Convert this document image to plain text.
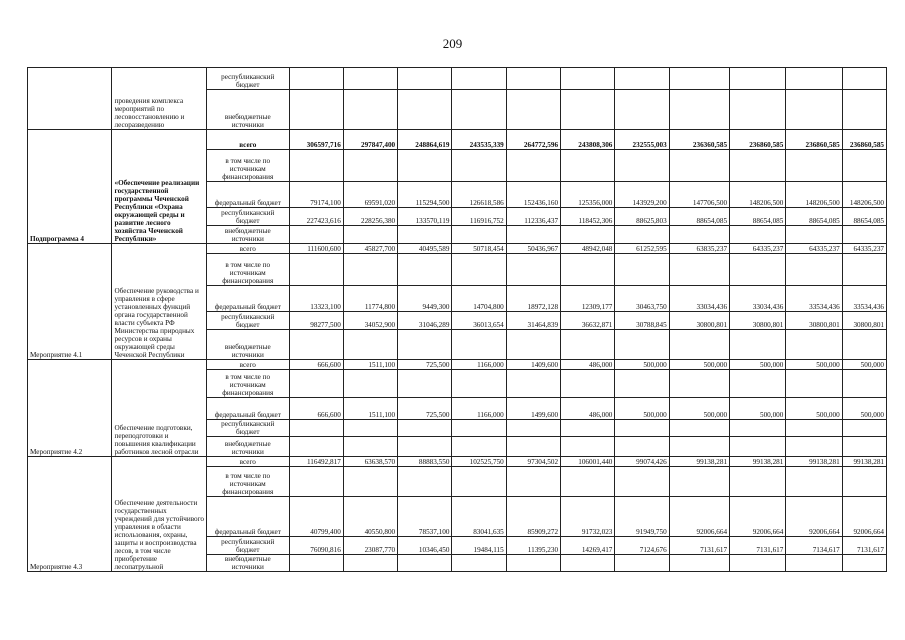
209
	проведения комплекса мероприятий по лесовосстановлению и лесоразведению	республиканский бюджет											
		внебюджетные источники											
Подпрограмма 4	«Обеспечение реализации государственной программы Чеченской Республики «Охрана окружающей среды и развитие лесного хозяйства Чеченской Республики»	всего	306597,716	297847,400	248864,619	243535,339	264772,596	243808,306	232555,003	236360,585	236860,585	236860,585	236860,585
		в том числе по источникам финансирования											
		федеральный бюджет	79174,100	69591,020	115294,500	126618,586	152436,160	125356,000	143929,200	147706,500	148206,500	148206,500	148206,500
		республиканский бюджет	227423,616	228256,380	133570,119	116916,752	112336,437	118452,306	88625,803	88654,085	88654,085	88654,085	88654,085
		внебюджетные источники											
Мероприятие 4.1	Обеспечение руководства и управления в сфере установленных функций органа государственной власти субъекта РФ Министерства природных ресурсов и охраны окружающей среды Чеченской Республики	всего	111600,600	45827,700	40495,589	50718,454	50436,967	48942,048	61252,595	63835,237	64335,237	64335,237	64335,237
		в том числе по источникам финансирования											
		федеральный бюджет	13323,100	11774,800	9449,300	14704,800	18972,128	12309,177	30463,750	33034,436	33034,436	33534,436	33534,436
		республиканский бюджет	98277,500	34052,900	31046,289	36013,654	31464,839	36632,871	30788,845	30800,801	30800,801	30800,801	30800,801
		внебюджетные источники											
Мероприятие 4.2	Обеспечение подготовки, переподготовки и повышения квалификации работников лесной отрасли	всего	666,600	1511,100	725,500	1166,000	1409,600	486,000	500,000	500,000	500,000	500,000	500,000
		в том числе по источникам финансирования											
		федеральный бюджет	666,600	1511,100	725,500	1166,000	1499,600	486,000	500,000	500,000	500,000	500,000	500,000
		республиканский бюджет											
		внебюджетные источники											
Мероприятие 4.3	Обеспечение деятельности государственных учреждений для устойчивого управления в области использования, охраны, защиты и воспроизводства лесов, в том числе приобретение лесопатрульной	всего	116492,817	63638,570	88883,550	102525,750	97304,502	106001,440	99074,426	99138,281	99138,281	99138,281	99138,281
		в том числе по источникам финансирования											
		федеральный бюджет	40799,400	40550,800	78537,100	83041,635	85909,272	91732,023	91949,750	92006,664	92006,664	92006,664	92006,664
		республиканский бюджет	76090,816	23087,770	10346,450	19484,115	11395,230	14269,417	7124,676	7131,617	7131,617	7134,617	7131,617
		внебюджетные источники											
